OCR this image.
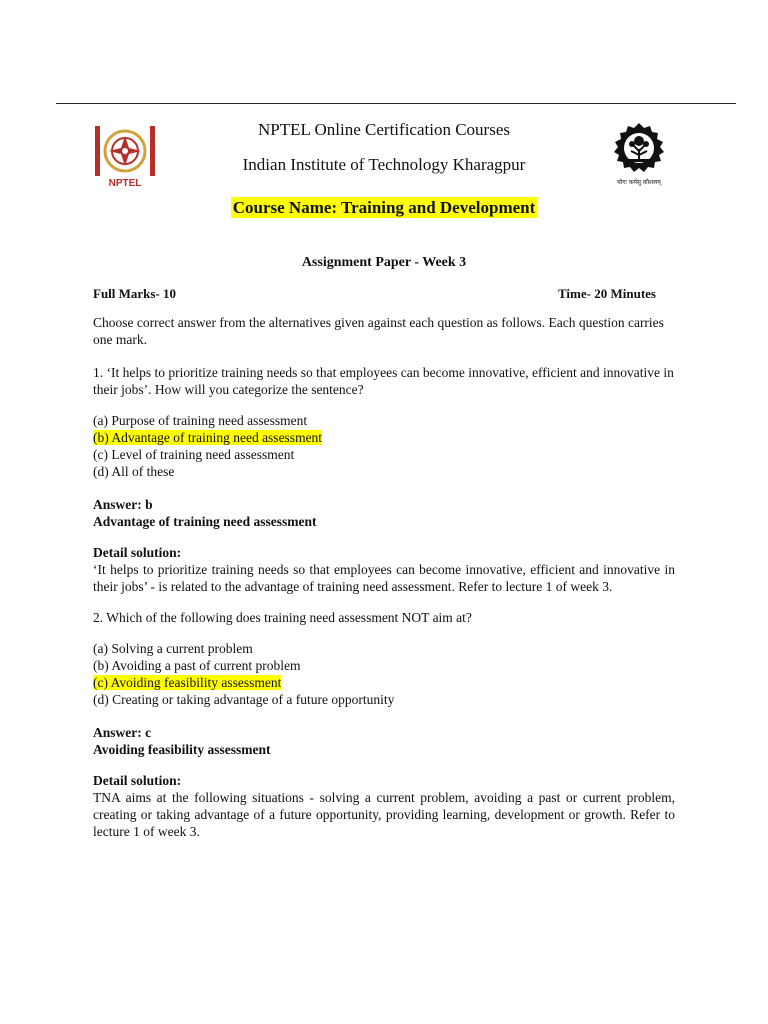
NPTEL
NPTEL Online Certification Courses
Indian Institute of Technology Kharagpur
योगः कर्मसु कौशलम्
Course Name: Training and Development
Assignment Paper - Week 3
Full Marks- 10	Time- 20 Minutes

Choose correct answer from the alternatives given against each question as follows. Each question carries one mark.

1. ‘It helps to prioritize training needs so that employees can become innovative, efficient and innovative in their jobs’. How will you categorize the sentence?

(a) Purpose of training need assessment

(b) Advantage of training need assessment

(c) Level of training need assessment

(d) All of these

Answer: b

Advantage of training need assessment

Detail solution:

‘It helps to prioritize training needs so that employees can become innovative, efficient and innovative in their jobs’ - is related to the advantage of training need assessment. Refer to lecture 1 of week 3.

2. Which of the following does training need assessment NOT aim at?

(a) Solving a current problem

(b) Avoiding a past of current problem

(c) Avoiding feasibility assessment

(d) Creating or taking advantage of a future opportunity

Answer: c

Avoiding feasibility assessment

Detail solution:

TNA aims at the following situations - solving a current problem, avoiding a past or current problem, creating or taking advantage of a future opportunity, providing learning, development or growth. Refer to lecture 1 of week 3.
